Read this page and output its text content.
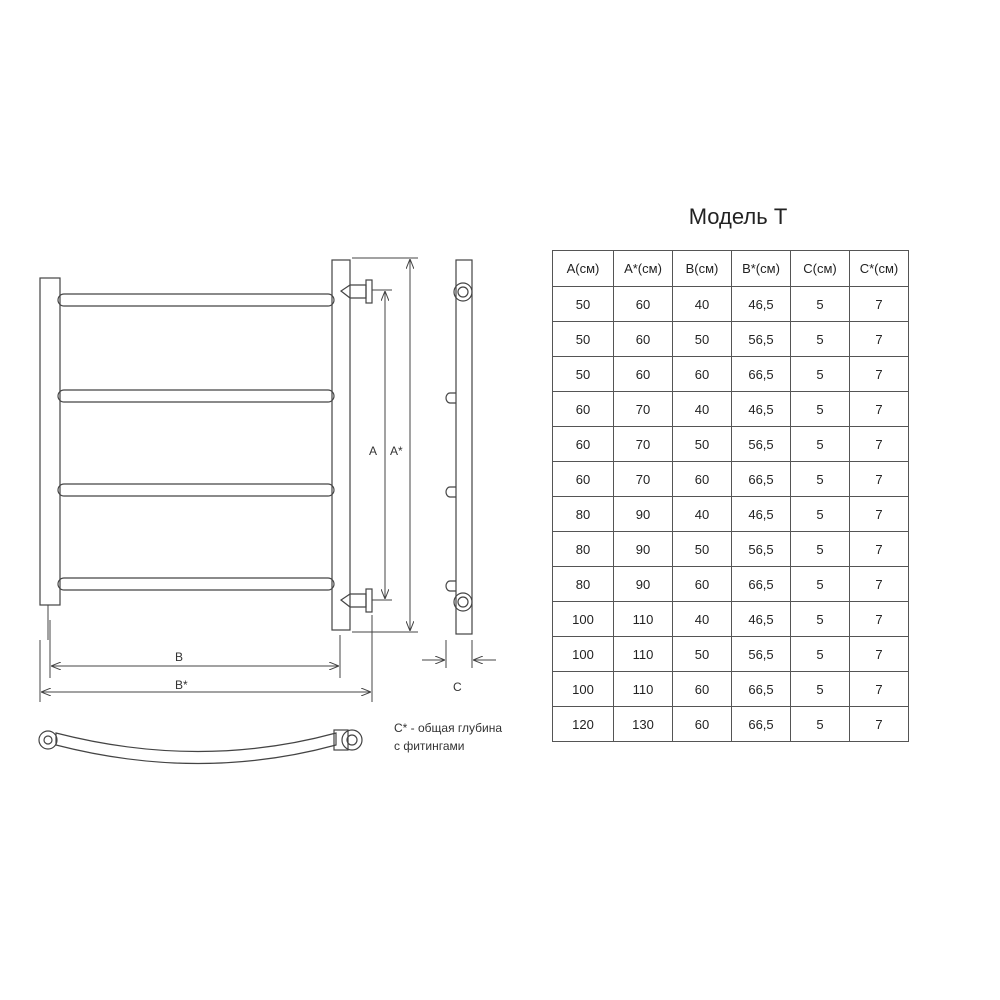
A A*
B
B*	C
C* - общая глубина
с фитингами
Модель Т
A(см)	A*(см)	B(см)	B*(см)	C(см)	C*(см)
50	60	40	46,5	5	7
50	60	50	56,5	5	7
50	60	60	66,5	5	7
60	70	40	46,5	5	7
60	70	50	56,5	5	7
60	70	60	66,5	5	7
80	90	40	46,5	5	7
80	90	50	56,5	5	7
80	90	60	66,5	5	7
100	110	40	46,5	5	7
100	110	50	56,5	5	7
100	110	60	66,5	5	7
120	130	60	66,5	5	7
